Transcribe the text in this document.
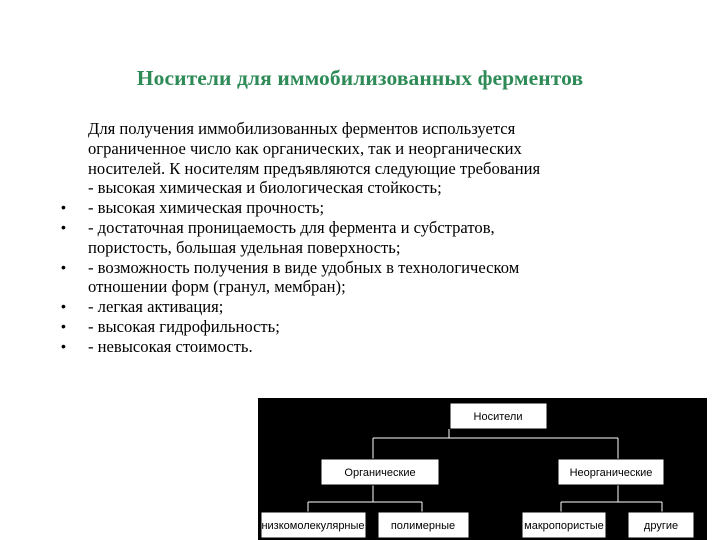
Носители для иммобилизованных ферментов
Для получения иммобилизованных ферментов используется
ограниченное число как органических, так и неорганических
носителей. К носителям предъявляются следующие требования
- высокая химическая и биологическая стойкость;
• - высокая химическая прочность;
• - достаточная проницаемость для фермента и субстратов,
пористость, большая удельная поверхность;
• - возможность получения в виде удобных в технологическом
отношении форм (гранул, мембран);
• - легкая активация;
• - высокая гидрофильность;
• - невысокая стоимость.
Носители
Органические	Неорганические
низкомолекулярные полимерные	макропористые	другие
